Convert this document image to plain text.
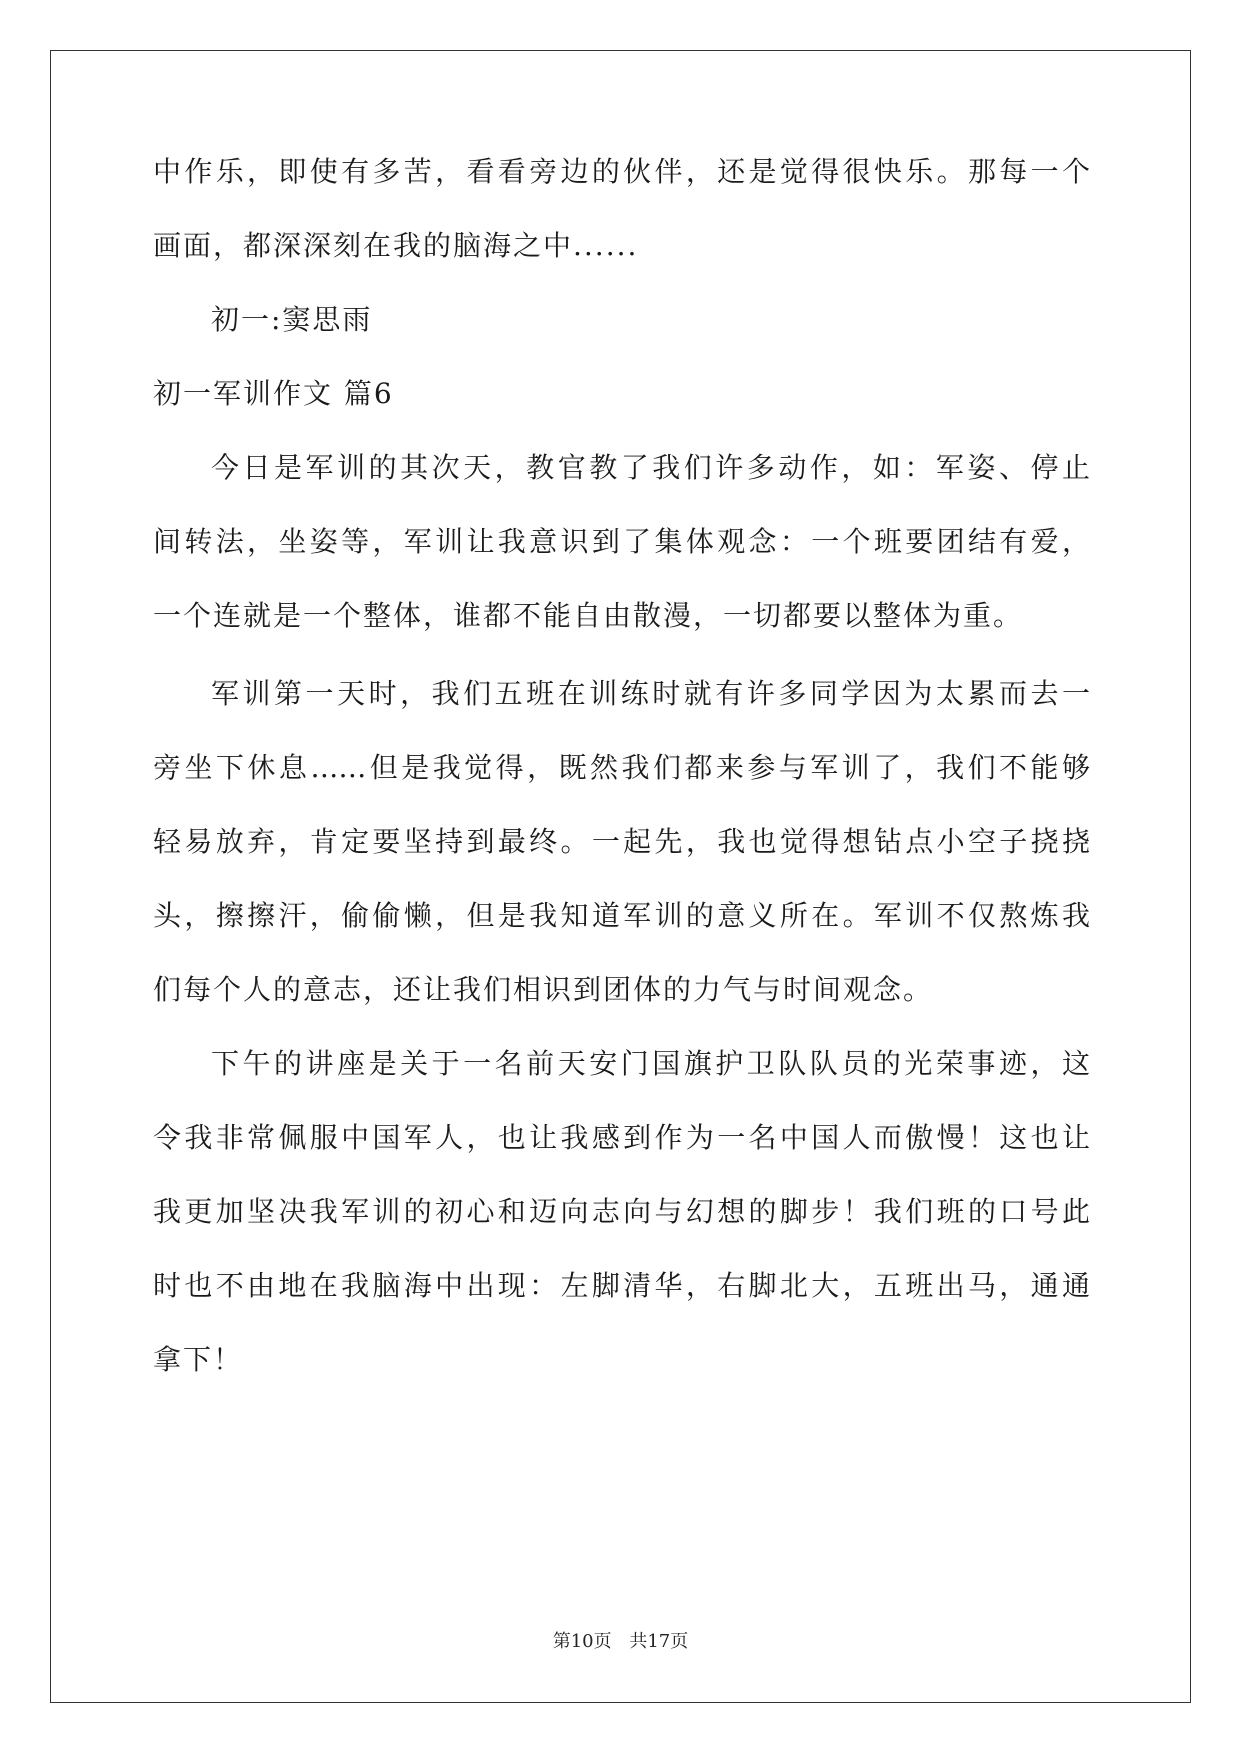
中作乐，即使有多苦，看看旁边的伙伴，还是觉得很快乐。那每一个
画面，都深深刻在我的脑海之中......
初一:窦思雨
初一军训作文 篇6
今日是军训的其次天，教官教了我们许多动作，如：军姿、停止
间转法，坐姿等，军训让我意识到了集体观念：一个班要团结有爱，
一个连就是一个整体，谁都不能自由散漫，一切都要以整体为重。
军训第一天时，我们五班在训练时就有许多同学因为太累而去一
旁坐下休息……但是我觉得，既然我们都来参与军训了，我们不能够
轻易放弃，肯定要坚持到最终。一起先，我也觉得想钻点小空子挠挠
头，擦擦汗，偷偷懒，但是我知道军训的意义所在。军训不仅熬炼我
们每个人的意志，还让我们相识到团体的力气与时间观念。
下午的讲座是关于一名前天安门国旗护卫队队员的光荣事迹，这
令我非常佩服中国军人，也让我感到作为一名中国人而傲慢！这也让
我更加坚决我军训的初心和迈向志向与幻想的脚步！我们班的口号此
时也不由地在我脑海中出现：左脚清华，右脚北大，五班出马，通通
拿下！
第10页 共17页
